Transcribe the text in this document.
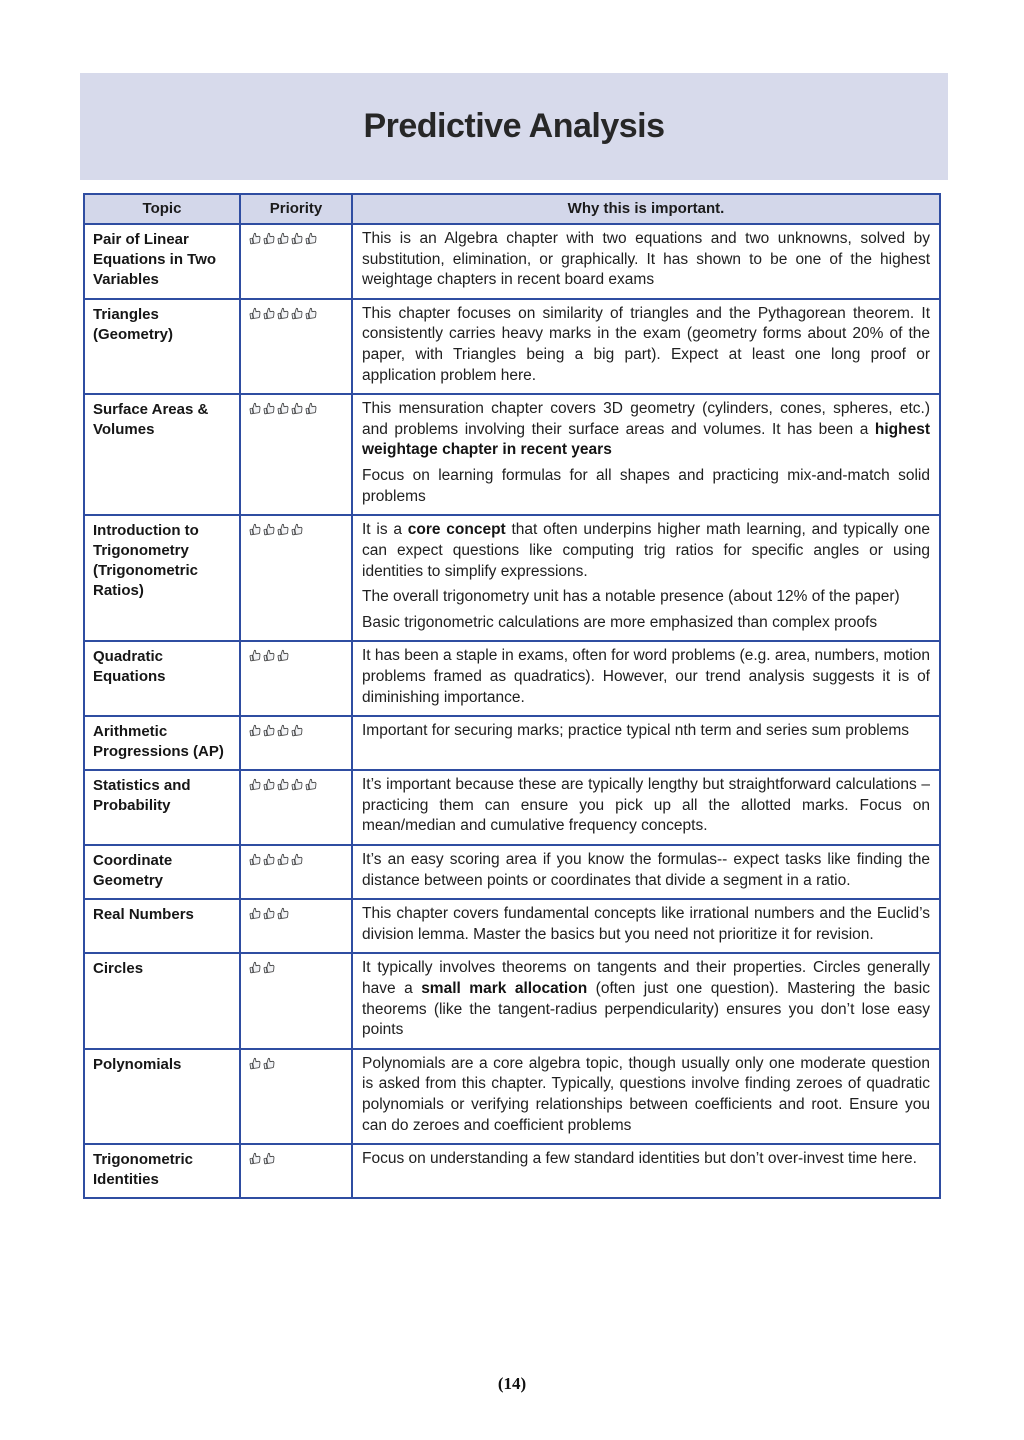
Predictive Analysis
Topic	Priority	Why this is important.

Pair of Linear Equations in Two Variables		This is an Algebra chapter with two equations and two unknowns, solved by substitution, elimination, or graphically. It has shown to be one of the highest weightage chapters in recent board exams

Triangles (Geometry)		This chapter focuses on similarity of triangles and the Pythagorean theorem. It consistently carries heavy marks in the exam (geometry forms about 20% of the paper, with Triangles being a big part). Expect at least one long proof or application problem here.

Surface Areas & Volumes		This mensuration chapter covers 3D geometry (cylinders, cones, spheres, etc.) and problems involving their surface areas and volumes. It has been a highest weightage chapter in recent years
Focus on learning formulas for all shapes and practicing mix-and-match solid problems

Introduction to Trigonometry (Trigonometric Ratios)		It is a core concept that often underpins higher math learning, and typically one can expect questions like computing trig ratios for specific angles or using identities to simplify expressions.
The overall trigonometry unit has a notable presence (about 12% of the paper)
Basic trigonometric calculations are more emphasized than complex proofs

Quadratic Equations		It has been a staple in exams, often for word problems (e.g. area, numbers, motion problems framed as quadratics). However, our trend analysis suggests it is of diminishing importance.

Arithmetic Progressions (AP)		Important for securing marks; practice typical nth term and series sum problems

Statistics and Probability		It’s important because these are typically lengthy but straightforward calculations – practicing them can ensure you pick up all the allotted marks. Focus on mean/median and cumulative frequency concepts.

Coordinate Geometry		It’s an easy scoring area if you know the formulas-- expect tasks like finding the distance between points or coordinates that divide a segment in a ratio.

Real Numbers		This chapter covers fundamental concepts like irrational numbers and the Euclid’s division lemma. Master the basics but you need not prioritize it for revision.

Circles		It typically involves theorems on tangents and their properties. Circles generally have a small mark allocation (often just one question). Mastering the basic theorems (like the tangent-radius perpendicularity) ensures you don’t lose easy points

Polynomials		Polynomials are a core algebra topic, though usually only one moderate question is asked from this chapter. Typically, questions involve finding zeroes of quadratic polynomials or verifying relationships between coefficients and root. Ensure you can do zeroes and coefficient problems

Trigonometric Identities		Focus on understanding a few standard identities but don’t over-invest time here.
(14)
